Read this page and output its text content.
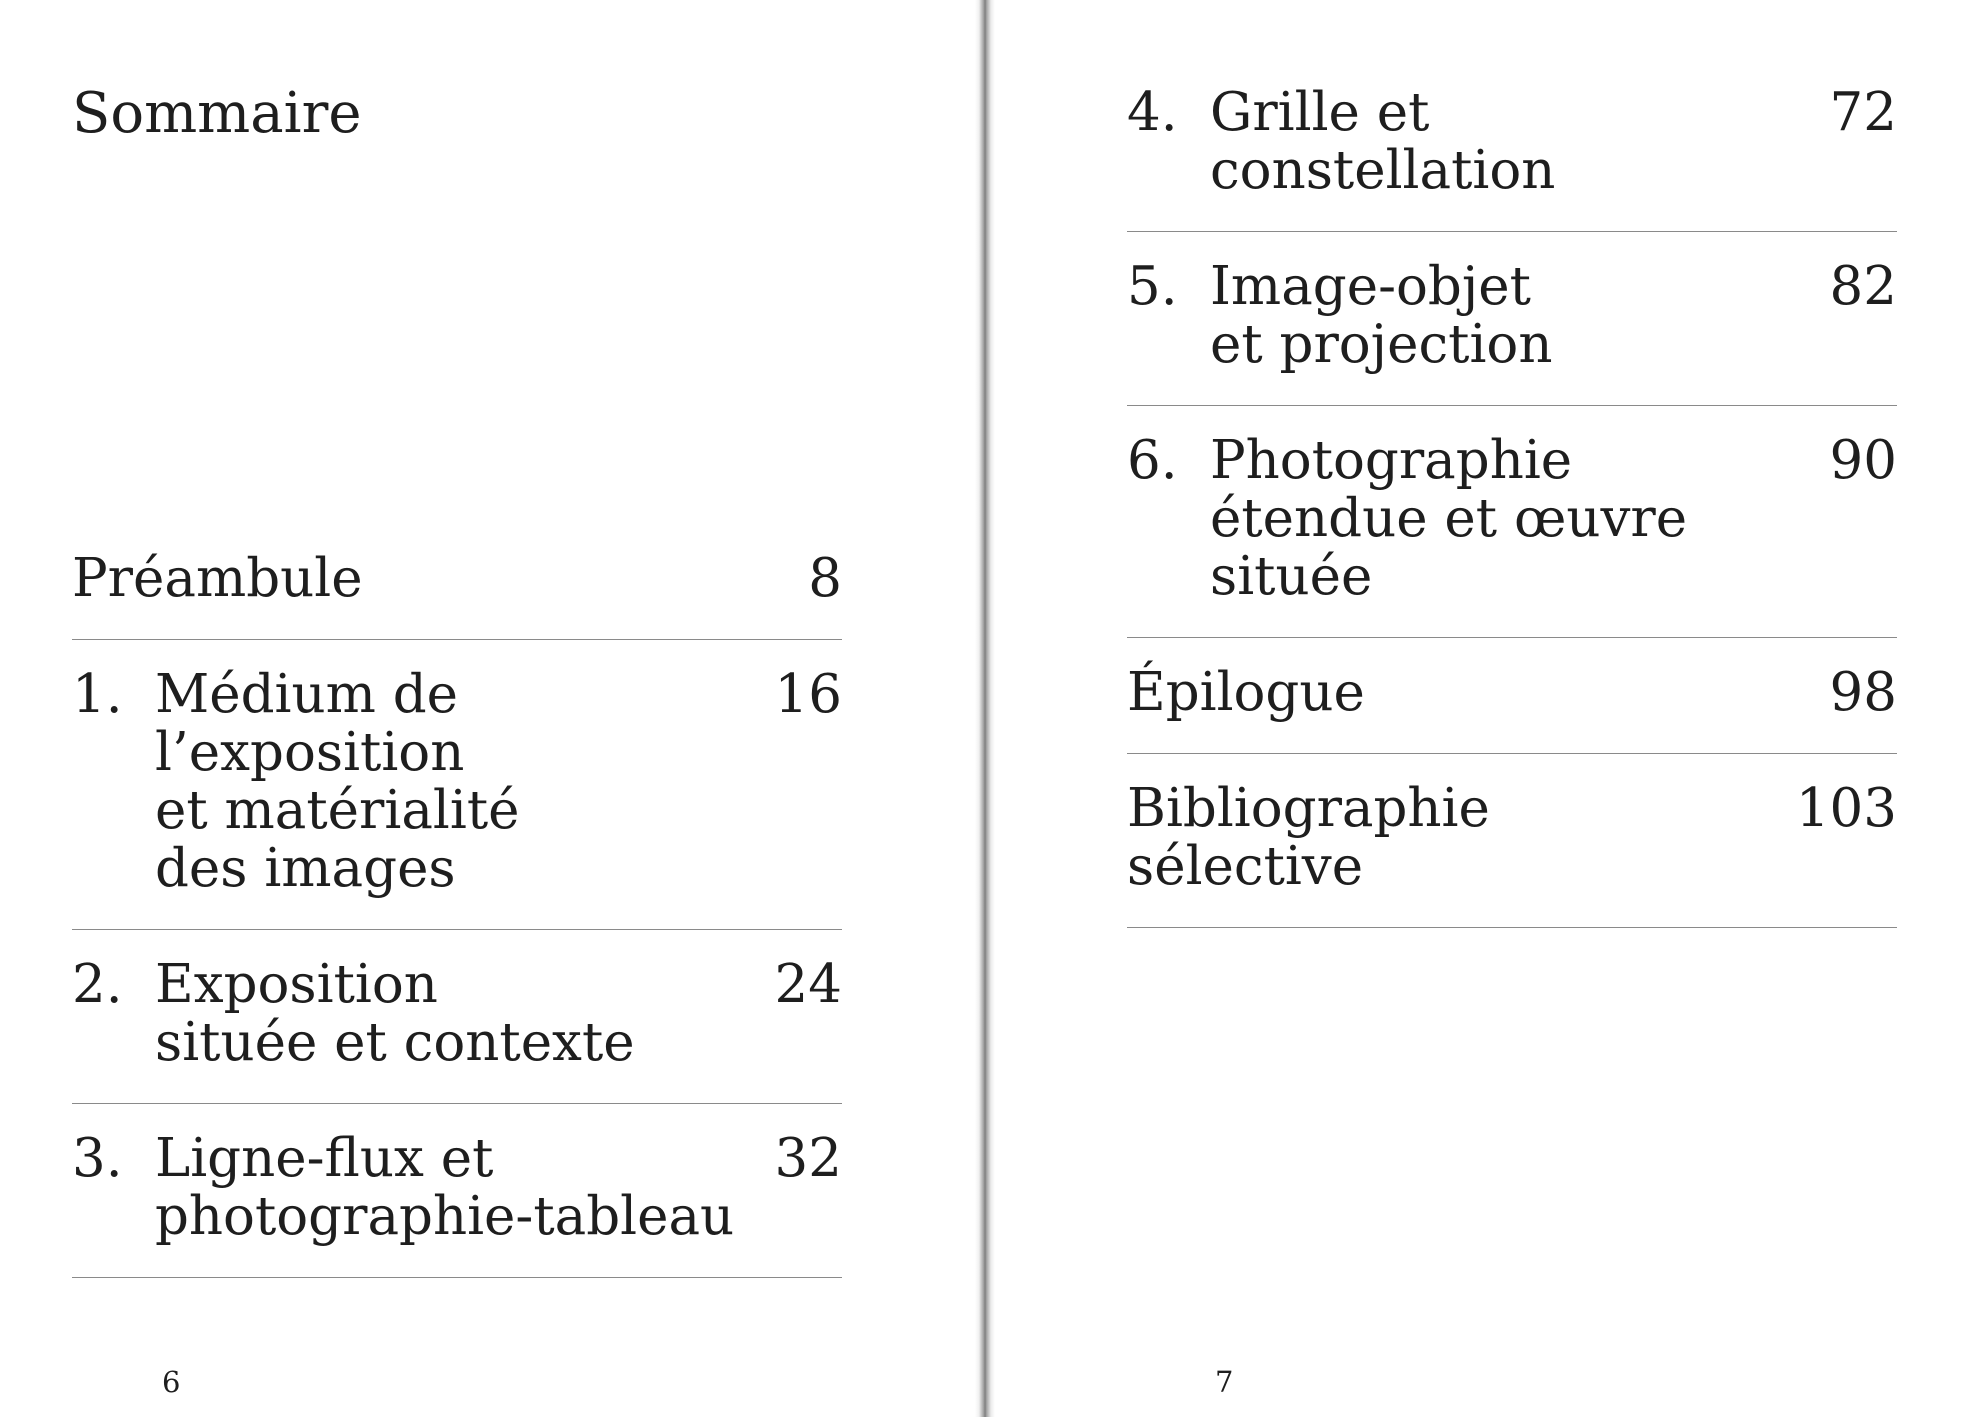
Sommaire
Préambule	8
1. Médium de
l’exposition
et matérialité
des images
16
2. Exposition
située et contexte
24
3. Ligne-flux et
photographie-tableau
32
6
4. Grille et
constellation
72
5. Image-objet
et projection
82
6. Photographie
étendue et œuvre située
90
Épilogue	98
Bibliographie
sélective
103
7
